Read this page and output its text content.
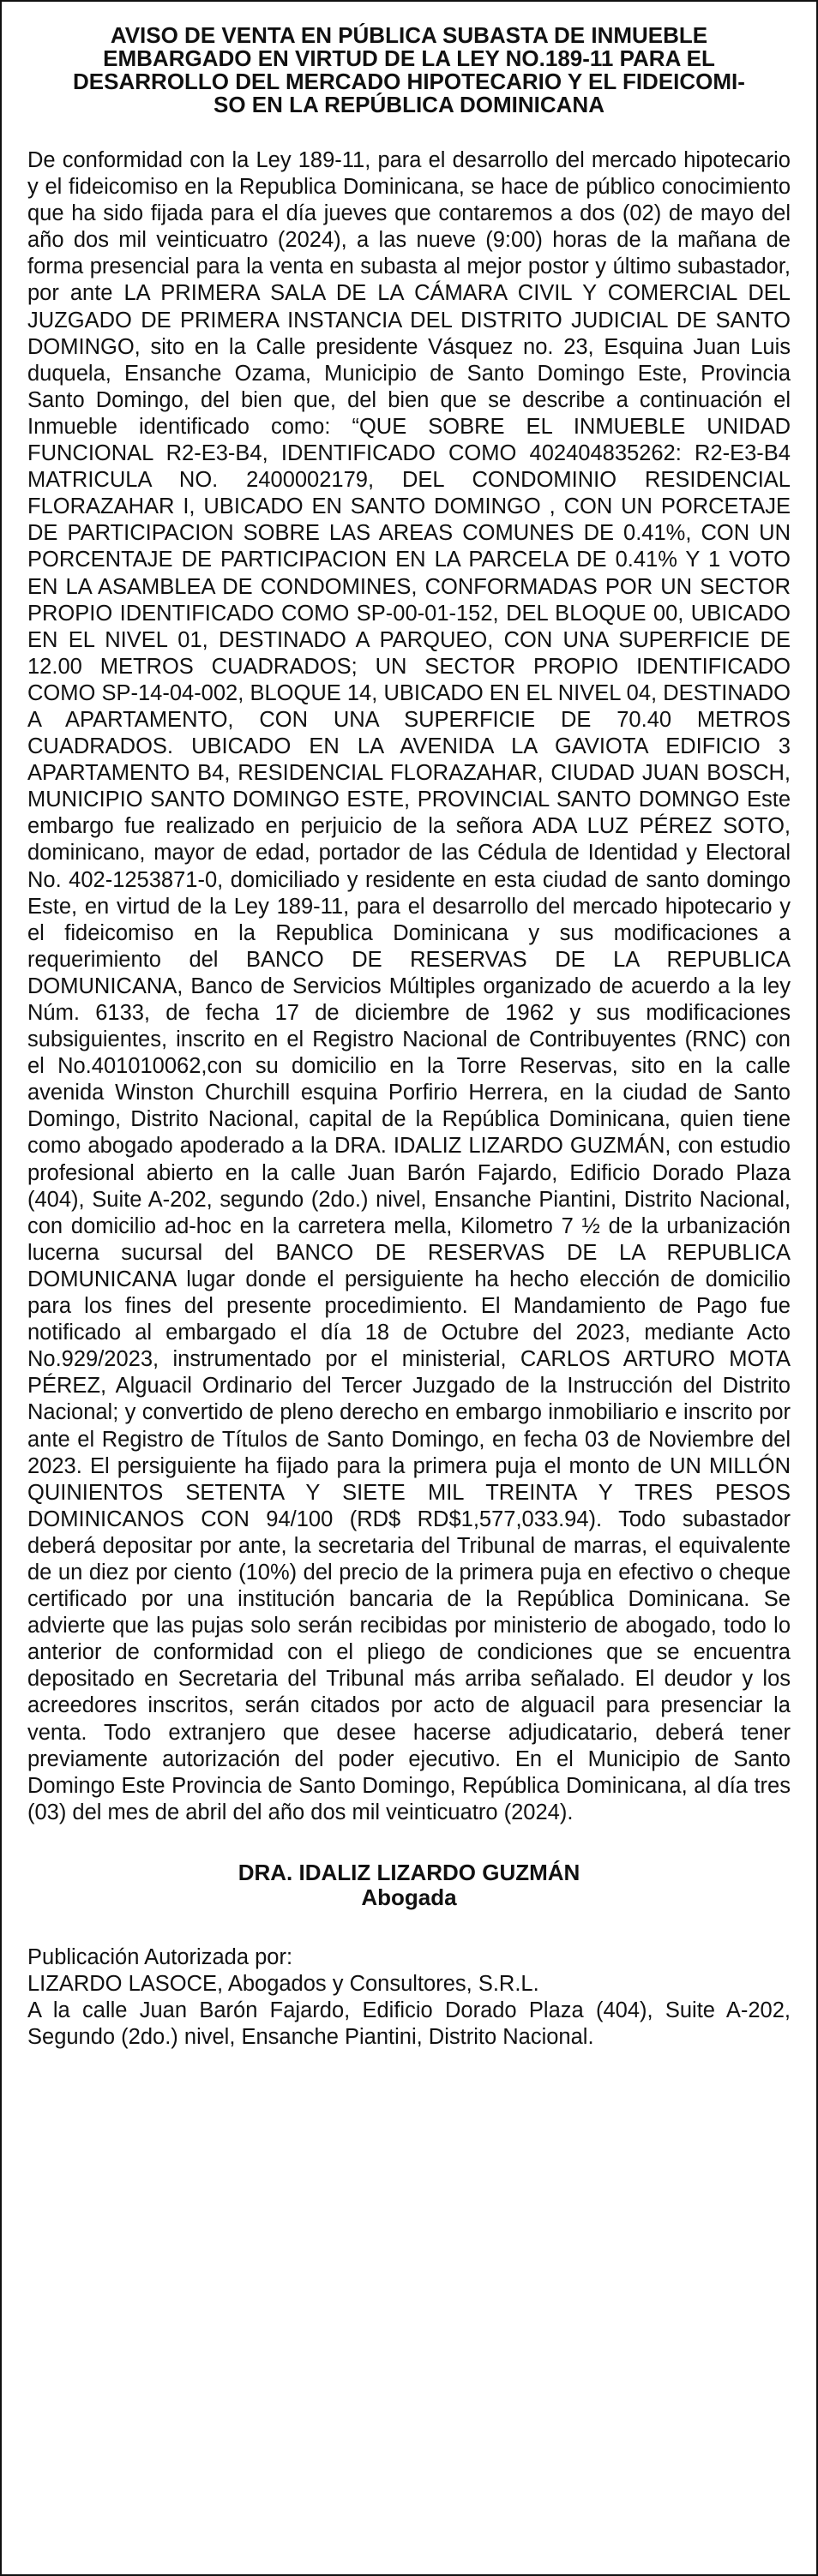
AVISO DE VENTA EN PÚBLICA SUBASTA DE INMUEBLE
EMBARGADO EN VIRTUD DE LA LEY NO.189-11 PARA EL
DESARROLLO DEL MERCADO HIPOTECARIO Y EL FIDEICOMI-
SO EN LA REPÚBLICA DOMINICANA
De conformidad con la Ley 189-11, para el desarrollo del mercado hipotecario y el fideicomiso en la Republica Dominicana, se hace de público conocimiento que ha sido fijada para el día jueves que contaremos a dos (02) de mayo del año dos mil veinticuatro (2024), a las nueve (9:00) horas de la mañana de forma presencial para la venta en subasta al mejor postor y último subastador, por ante LA PRIMERA SALA DE LA CÁMARA CIVIL Y COMERCIAL DEL JUZGADO DE PRIMERA INSTANCIA DEL DISTRITO JUDICIAL DE SANTO DOMINGO, sito en la Calle presidente Vásquez no. 23, Esquina Juan Luis duquela, Ensanche Ozama, Municipio de Santo Domingo Este, Provincia Santo Domingo, del bien que, del bien que se describe a continuación el Inmueble identificado como: “QUE SOBRE EL INMUEBLE UNIDAD FUNCIONAL R2-E3-B4, IDENTIFICADO COMO 402404835262: R2-E3-B4 MATRICULA NO. 2400002179, DEL CONDOMINIO RESIDENCIAL FLORAZAHAR I, UBICADO EN SANTO DOMINGO , CON UN PORCETAJE DE PARTICIPACION SOBRE LAS AREAS COMUNES DE 0.41%, CON UN PORCENTAJE DE PARTICIPACION EN LA PARCELA DE 0.41% Y 1 VOTO EN LA ASAMBLEA DE CONDOMINES, CONFORMADAS POR UN SECTOR PROPIO IDENTIFICADO COMO SP-00-01-152, DEL BLOQUE 00, UBICADO EN EL NIVEL 01, DESTINADO A PARQUEO, CON UNA SUPERFICIE DE 12.00 METROS CUADRADOS; UN SECTOR PROPIO IDENTIFICADO COMO SP-14-04-002, BLOQUE 14, UBICADO EN EL NIVEL 04, DESTINADO A APARTAMENTO, CON UNA SUPERFICIE DE 70.40 METROS CUADRADOS. UBICADO EN LA AVENIDA LA GAVIOTA EDIFICIO 3 APARTAMENTO B4, RESIDENCIAL FLORAZAHAR, CIUDAD JUAN BOSCH, MUNICIPIO SANTO DOMINGO ESTE, PROVINCIAL SANTO DOMNGO Este embargo fue realizado en perjuicio de la señora ADA LUZ PÉREZ SOTO, dominicano, mayor de edad, portador de las Cédula de Identidad y Electoral No. 402-1253871-0, domiciliado y residente en esta ciudad de santo domingo Este, en virtud de la Ley 189-11, para el desarrollo del mercado hipotecario y el fideicomiso en la Republica Dominicana y sus modificaciones a requerimiento del BANCO DE RESERVAS DE LA REPUBLICA DOMUNICANA, Banco de Servicios Múltiples organizado de acuerdo a la ley Núm. 6133, de fecha 17 de diciembre de 1962 y sus modificaciones subsiguientes, inscrito en el Registro Nacional de Contribuyentes (RNC) con el No.401010062,con su domicilio en la Torre Reservas, sito en la calle avenida Winston Churchill esquina Porfirio Herrera, en la ciudad de Santo Domingo, Distrito Nacional, capital de la República Dominicana, quien tiene como abogado apoderado a la DRA. IDALIZ LIZARDO GUZMÁN, con estudio profesional abierto en la calle Juan Barón Fajardo, Edificio Dorado Plaza (404), Suite A-202, segundo (2do.) nivel, Ensanche Piantini, Distrito Nacional, con domicilio ad-hoc en la carretera mella, Kilometro 7 ½ de la urbanización lucerna sucursal del BANCO DE RESERVAS DE LA REPUBLICA DOMUNICANA lugar donde el persiguiente ha hecho elección de domicilio para los fines del presente procedimiento. El Mandamiento de Pago fue notificado al embargado el día 18 de Octubre del 2023, mediante Acto No.929/2023, instrumentado por el ministerial, CARLOS ARTURO MOTA PÉREZ, Alguacil Ordinario del Tercer Juzgado de la Instrucción del Distrito Nacional; y convertido de pleno derecho en embargo inmobiliario e inscrito por ante el Registro de Títulos de Santo Domingo, en fecha 03 de Noviembre del 2023. El persiguiente ha fijado para la primera puja el monto de UN MILLÓN QUINIENTOS SETENTA Y SIETE MIL TREINTA Y TRES PESOS DOMINICANOS CON 94/100 (RD$ RD$1,577,033.94). Todo subastador deberá depositar por ante, la secretaria del Tribunal de marras, el equivalente de un diez por ciento (10%) del precio de la primera puja en efectivo o cheque certificado por una institución bancaria de la República Dominicana. Se advierte que las pujas solo serán recibidas por ministerio de abogado, todo lo anterior de conformidad con el pliego de condiciones que se encuentra depositado en Secretaria del Tribunal más arriba señalado. El deudor y los acreedores inscritos, serán citados por acto de alguacil para presenciar la venta. Todo extranjero que desee hacerse adjudicatario, deberá tener previamente autorización del poder ejecutivo. En el Municipio de Santo Domingo Este Provincia de Santo Domingo, República Dominicana, al día tres (03) del mes de abril del año dos mil veinticuatro (2024).
DRA. IDALIZ LIZARDO GUZMÁN
Abogada
Publicación Autorizada por:
LIZARDO LASOCE, Abogados y Consultores, S.R.L.
A la calle Juan Barón Fajardo, Edificio Dorado Plaza (404), Suite A-202, Segundo (2do.) nivel, Ensanche Piantini, Distrito Nacional.
